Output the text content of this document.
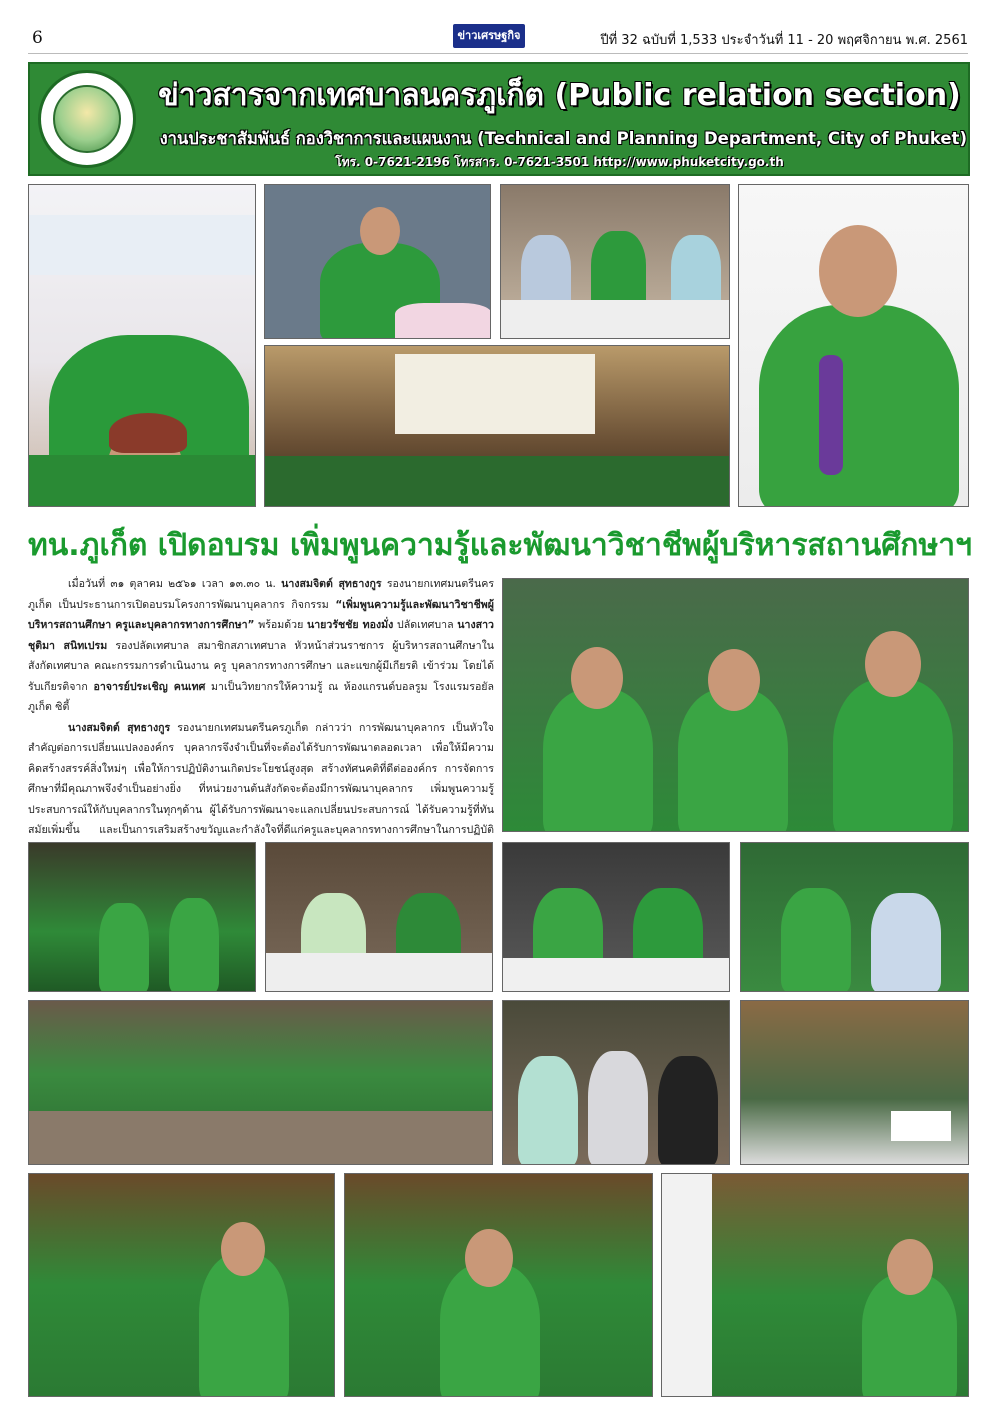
6	ข่าวเศรษฐกิจ	ปีที่ 32 ฉบับที่ 1,533 ประจำวันที่ 11 - 20 พฤศจิกายน พ.ศ. 2561
ข่าวสารจากเทศบาลนครภูเก็ต (Public relation section)
งานประชาสัมพันธ์ กองวิชาการและแผนงาน (Technical and Planning Department, City of Phuket)
โทร. 0-7621-2196 โทรสาร. 0-7621-3501 http://www.phuketcity.go.th
ทน.ภูเก็ต เปิดอบรม เพิ่มพูนความรู้และพัฒนาวิชาชีพผู้บริหารสถานศึกษาฯ

เมื่อวันที่ ๓๑ ตุลาคม ๒๕๖๑ เวลา ๑๓.๓๐ น. นางสมจิตต์ สุทธางกูร รองนายกเทศมนตรีนครภูเก็ต เป็นประธานการเปิดอบรมโครงการพัฒนาบุคลากร กิจกรรม “เพิ่มพูนความรู้และพัฒนาวิชาชีพผู้บริหารสถานศึกษา ครูและบุคลากรทางการศึกษา” พร้อมด้วย นายวรัชชัย ทองมั่ง ปลัดเทศบาล นางสาวชุติมา สนิทเปรม รองปลัดเทศบาล สมาชิกสภาเทศบาล หัวหน้าส่วนราชการ ผู้บริหารสถานศึกษาในสังกัดเทศบาล คณะกรรมการดำเนินงาน ครู บุคลากรทางการศึกษา และแขกผู้มีเกียรติ เข้าร่วม โดยได้รับเกียรติจาก อาจารย์ประเชิญ คนเทศ มาเป็นวิทยากรให้ความรู้ ณ ห้องแกรนด์บอลรูม โรงแรมรอยัลภูเก็ต ซิตี้

นางสมจิตต์ สุทธางกูร รองนายกเทศมนตรีนครภูเก็ต กล่าวว่า การพัฒนาบุคลากร เป็นหัวใจสำคัญต่อการเปลี่ยนแปลงองค์กร บุคลากรจึงจำเป็นที่จะต้องได้รับการพัฒนาตลอดเวลา เพื่อให้มีความคิดสร้างสรรค์สิ่งใหม่ๆ เพื่อให้การปฏิบัติงานเกิดประโยชน์สูงสุด สร้างทัศนคติที่ดีต่อองค์กร การจัดการศึกษาที่มีคุณภาพจึงจำเป็นอย่างยิ่ง ที่หน่วยงานต้นสังกัดจะต้องมีการพัฒนาบุคลากร เพิ่มพูนความรู้ประสบการณ์ให้กับบุคลากรในทุกๆด้าน ผู้ได้รับการพัฒนาจะแลกเปลี่ยนประสบการณ์ ได้รับความรู้ที่ทันสมัยเพิ่มขึ้น และเป็นการเสริมสร้างขวัญและกำลังใจที่ดีแก่ครูและบุคลากรทางการศึกษาในการปฏิบัติ
